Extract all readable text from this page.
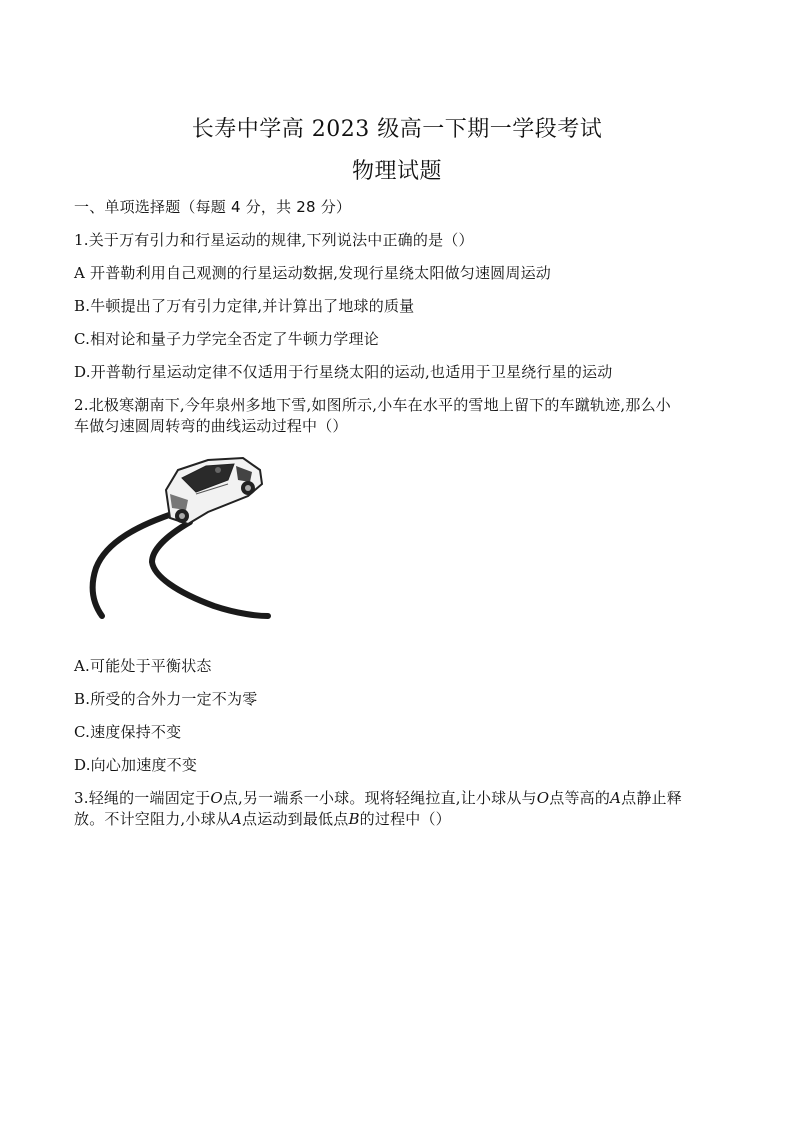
长寿中学高 2023 级高一下期一学段考试
物理试题
一、单项选择题（每题 4 分，共 28 分）
1.关于万有引力和行星运动的规律,下列说法中正确的是（）
A 开普勒利用自己观测的行星运动数据,发现行星绕太阳做匀速圆周运动
B.牛顿提出了万有引力定律,并计算出了地球的质量
C.相对论和量子力学完全否定了牛顿力学理论
D.开普勒行星运动定律不仅适用于行星绕太阳的运动,也适用于卫星绕行星的运动
2.北极寒潮南下,今年泉州多地下雪,如图所示,小车在水平的雪地上留下的车蹴轨迹,那么小
车做匀速圆周转弯的曲线运动过程中（）
A.可能处于平衡状态
B.所受的合外力一定不为零
C.速度保持不变
D.向心加速度不变
3.轻绳的一端固定于O点,另一端系一小球。现将轻绳拉直,让小球从与O点等高的A点静止释
放。不计空阻力,小球从A点运动到最低点B的过程中（）
